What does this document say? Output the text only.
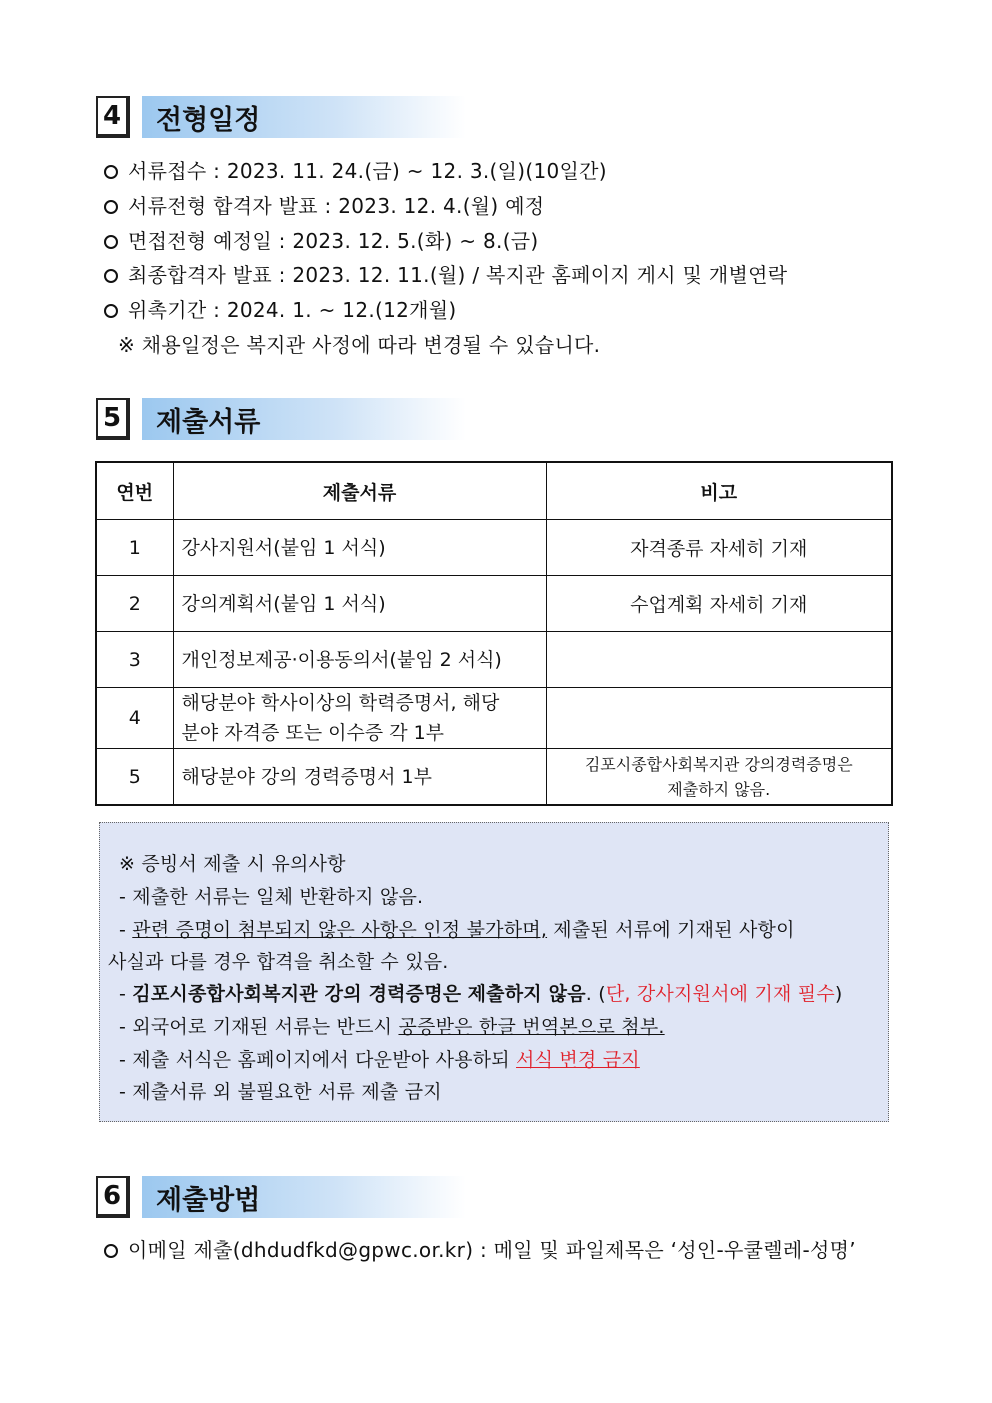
4	전형일정
서류접수 : 2023. 11. 24.(금) ~ 12. 3.(일)(10일간)
서류전형 합격자 발표 : 2023. 12. 4.(월) 예정
면접전형 예정일 : 2023. 12. 5.(화) ~ 8.(금)
최종합격자 발표 : 2023. 12. 11.(월) / 복지관 홈페이지 게시 및 개별연락
위촉기간 : 2024. 1. ~ 12.(12개월)
※ 채용일정은 복지관 사정에 따라 변경될 수 있습니다.
5	제출서류
연번	제출서류	비고
1	강사지원서(붙임 1 서식)	자격종류 자세히 기재
2	강의계획서(붙임 1 서식)	수업계획 자세히 기재
3	개인정보제공·이용동의서(붙임 2 서식)	
4	해당분야 학사이상의 학력증명서, 해당
분야 자격증 또는 이수증 각 1부	

5	해당분야 강의 경력증명서 1부	김포시종합사회복지관 강의경력증명은
제출하지 않음.
※ 증빙서 제출 시 유의사항
- 제출한 서류는 일체 반환하지 않음.
- 관련 증명이 첨부되지 않은 사항은 인정 불가하며, 제출된 서류에 기재된 사항이
사실과 다를 경우 합격을 취소할 수 있음.
- 김포시종합사회복지관 강의 경력증명은 제출하지 않음. (단, 강사지원서에 기재 필수)
- 외국어로 기재된 서류는 반드시 공증받은 한글 번역본으로 첨부.
- 제출 서식은 홈페이지에서 다운받아 사용하되 서식 변경 금지
- 제출서류 외 불필요한 서류 제출 금지
6	제출방법
이메일 제출(dhdudfkd@gpwc.or.kr) : 메일 및 파일제목은 ‘성인-우쿨렐레-성명’
